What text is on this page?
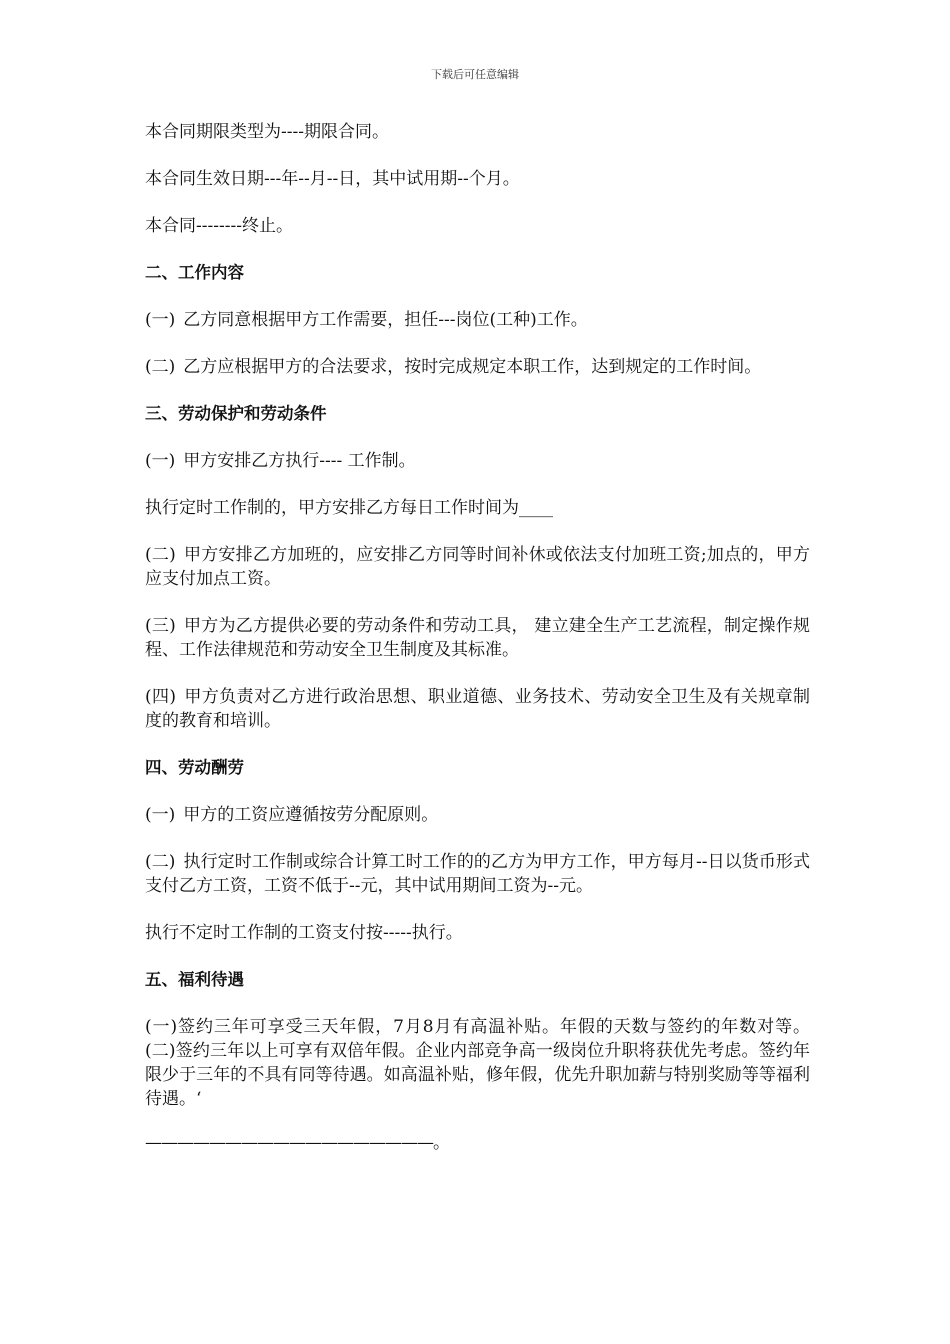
下载后可任意编辑

本合同期限类型为----期限合同。

本合同生效日期---年--月--日，其中试用期--个月。

本合同--------终止。

二、工作内容

(一) 乙方同意根据甲方工作需要，担任---岗位(工种)工作。

(二) 乙方应根据甲方的合法要求，按时完成规定本职工作，达到规定的工作时间。

三、劳动保护和劳动条件

(一) 甲方安排乙方执行---- 工作制。

执行定时工作制的，甲方安排乙方每日工作时间为____

(二) 甲方安排乙方加班的，应安排乙方同等时间补休或依法支付加班工资;加点的，甲方应支付加点工资。

(三) 甲方为乙方提供必要的劳动条件和劳动工具， 建立建全生产工艺流程，制定操作规程、工作法律规范和劳动安全卫生制度及其标准。

(四) 甲方负责对乙方进行政治思想、职业道德、业务技术、劳动安全卫生及有关规章制度的教育和培训。

四、劳动酬劳

(一) 甲方的工资应遵循按劳分配原则。

(二) 执行定时工作制或综合计算工时工作的的乙方为甲方工作，甲方每月--日以货币形式支付乙方工资，工资不低于--元，其中试用期间工资为--元。

执行不定时工作制的工资支付按-----执行。

五、福利待遇

(一)签约三年可享受三天年假，7月8月有高温补贴。年假的天数与签约的年数对等。 (二)签约三年以上可享有双倍年假。企业内部竞争高一级岗位升职将获优先考虑。签约年限少于三年的不具有同等待遇。如高温补贴，修年假，优先升职加薪与特别奖励等等福利待遇。‘

——————————————————。
